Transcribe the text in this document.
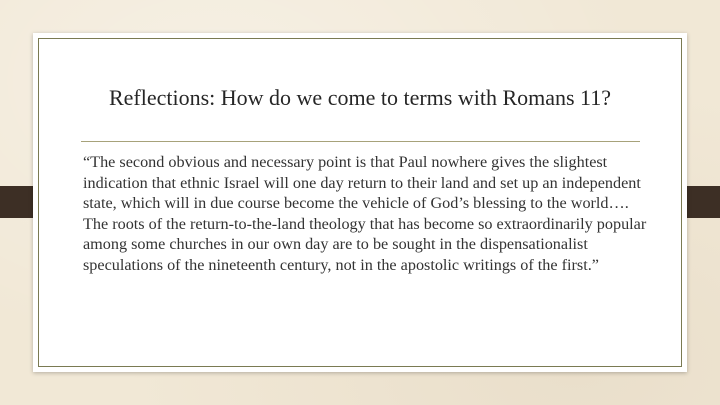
Reflections: How do we come to terms with Romans 11?

“The second obvious and necessary point is that Paul nowhere gives the slightest indication that ethnic Israel will one day return to their land and set up an independent state, which will in due course become the vehicle of God’s blessing to the world…. The roots of the return-to-the-land theology that has become so extraordinarily popular among some churches in our own day are to be sought in the dispensationalist speculations of the nineteenth century, not in the apostolic writings of the first.”
